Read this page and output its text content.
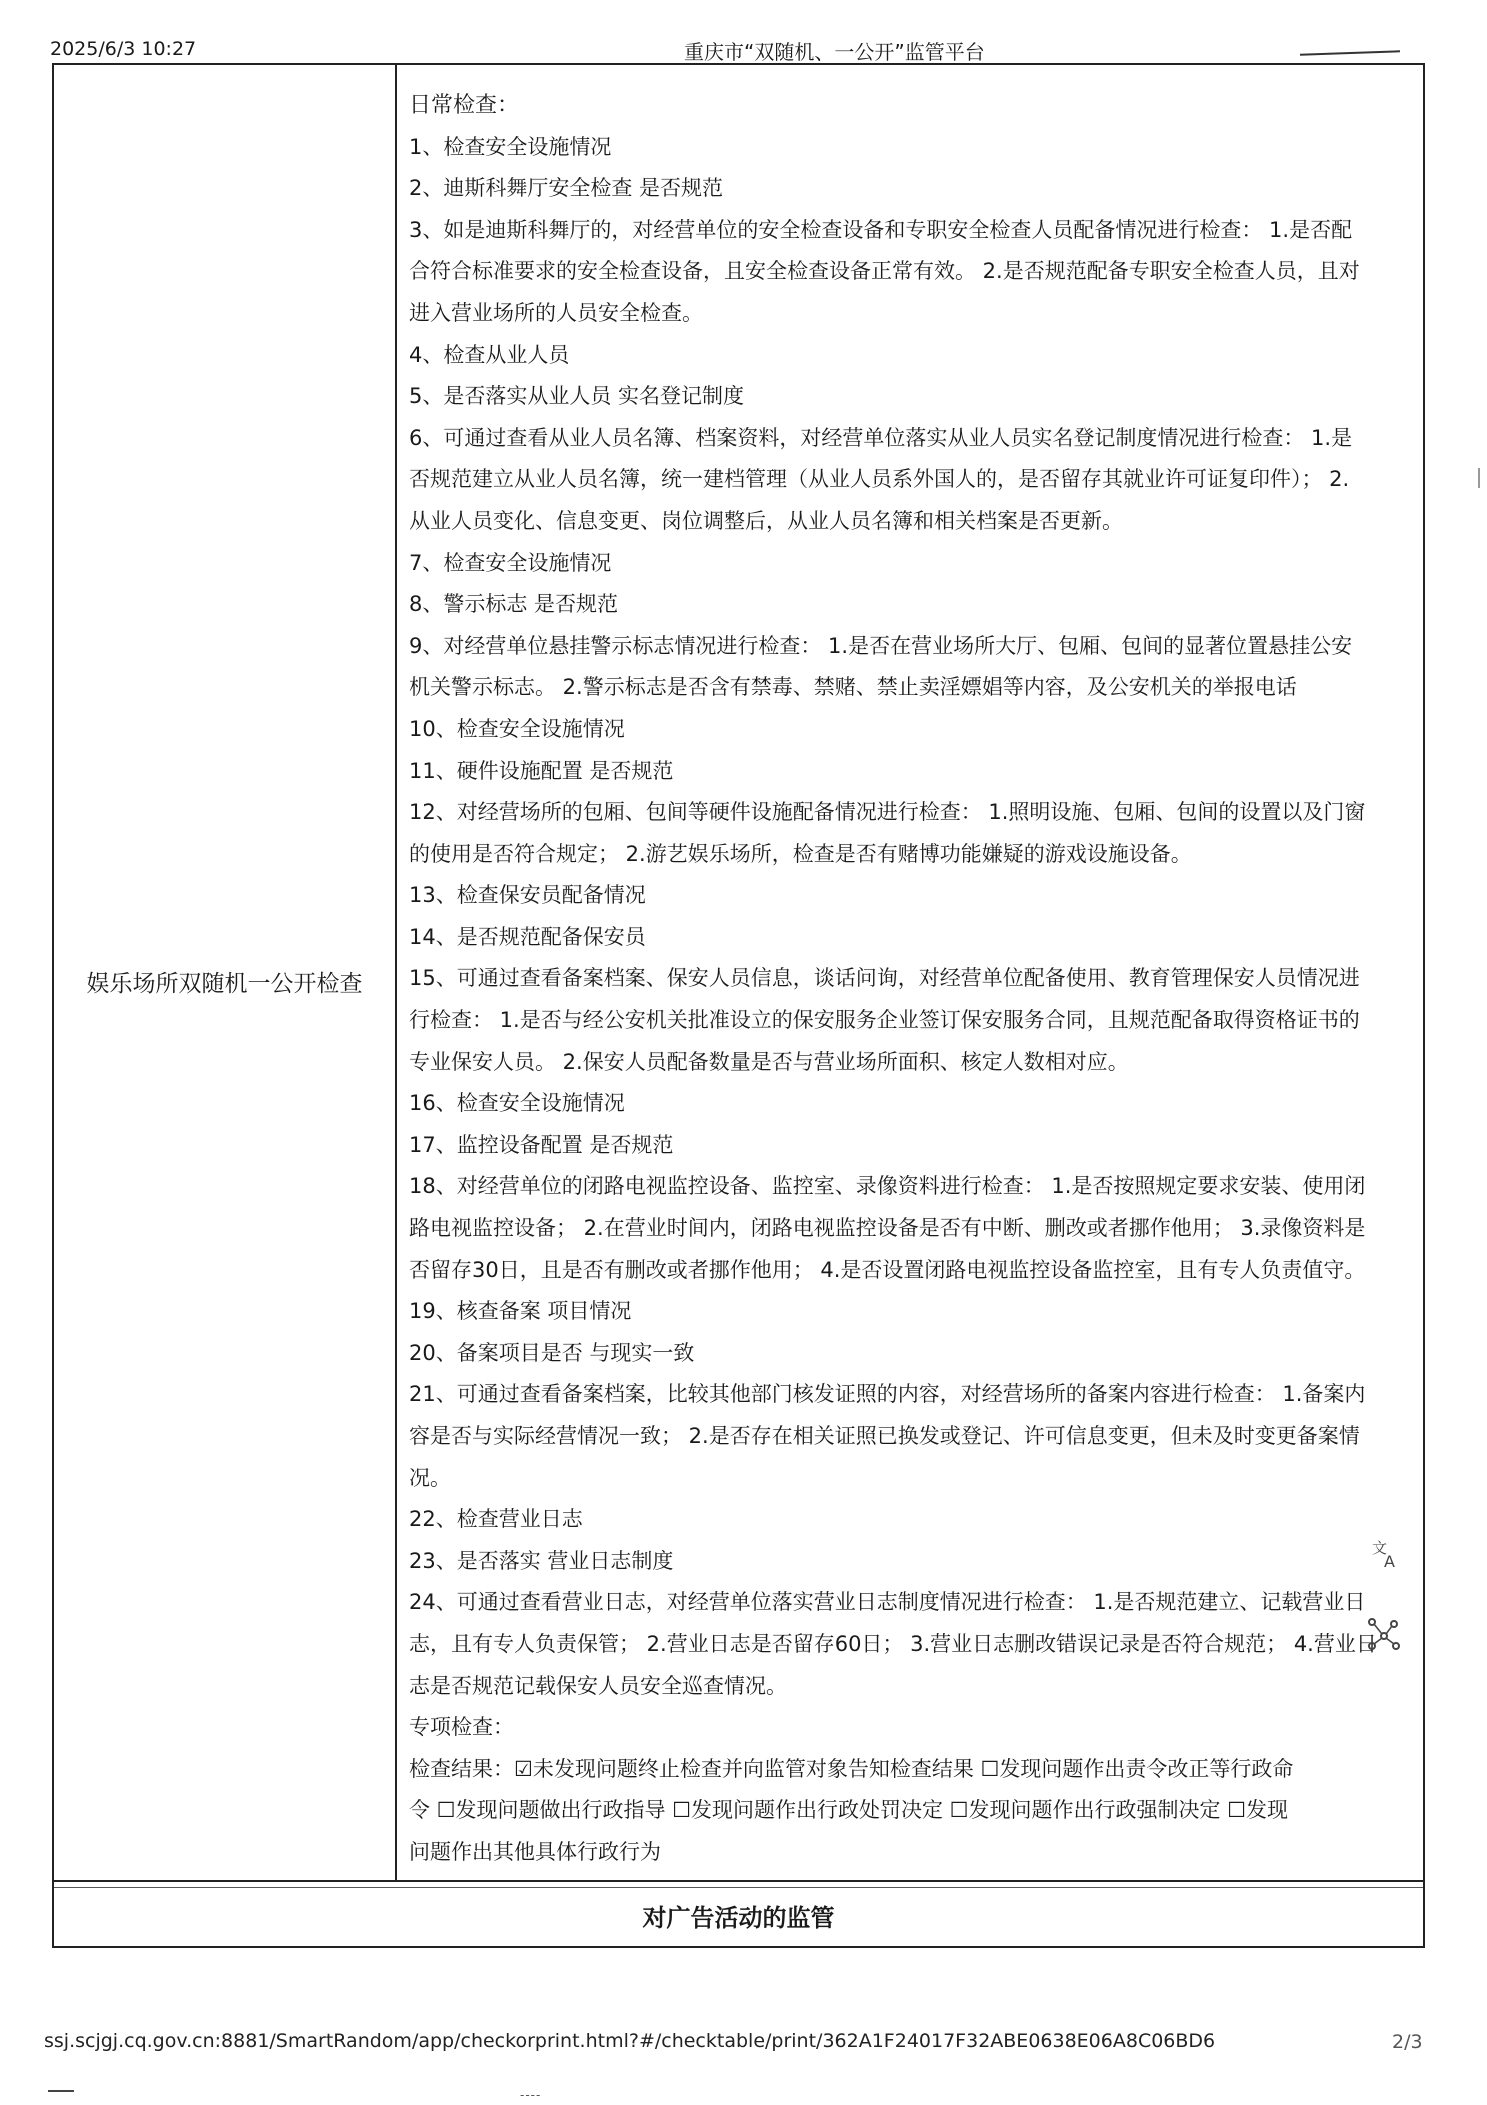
2025/6/3 10:27	重庆市“双随机、一公开”监管平台
娱乐场所双随机一公开检查
日常检查：
1、检查安全设施情况
2、迪斯科舞厅安全检查 是否规范
3、如是迪斯科舞厅的，对经营单位的安全检查设备和专职安全检查人员配备情况进行检查： 1.是否配
合符合标准要求的安全检查设备，且安全检查设备正常有效。 2.是否规范配备专职安全检查人员，且对
进入营业场所的人员安全检查。
4、检查从业人员
5、是否落实从业人员 实名登记制度
6、可通过查看从业人员名簿、档案资料，对经营单位落实从业人员实名登记制度情况进行检查： 1.是
否规范建立从业人员名簿，统一建档管理（从业人员系外国人的，是否留存其就业许可证复印件）； 2.
从业人员变化、信息变更、岗位调整后，从业人员名簿和相关档案是否更新。
7、检查安全设施情况
8、警示标志 是否规范
9、对经营单位悬挂警示标志情况进行检查： 1.是否在营业场所大厅、包厢、包间的显著位置悬挂公安
机关警示标志。 2.警示标志是否含有禁毒、禁赌、禁止卖淫嫖娼等内容，及公安机关的举报电话
10、检查安全设施情况
11、硬件设施配置 是否规范
12、对经营场所的包厢、包间等硬件设施配备情况进行检查： 1.照明设施、包厢、包间的设置以及门窗
的使用是否符合规定； 2.游艺娱乐场所，检查是否有赌博功能嫌疑的游戏设施设备。
13、检查保安员配备情况
14、是否规范配备保安员
15、可通过查看备案档案、保安人员信息，谈话问询，对经营单位配备使用、教育管理保安人员情况进
行检查： 1.是否与经公安机关批准设立的保安服务企业签订保安服务合同，且规范配备取得资格证书的
专业保安人员。 2.保安人员配备数量是否与营业场所面积、核定人数相对应。
16、检查安全设施情况
17、监控设备配置 是否规范
18、对经营单位的闭路电视监控设备、监控室、录像资料进行检查： 1.是否按照规定要求安装、使用闭
路电视监控设备； 2.在营业时间内，闭路电视监控设备是否有中断、删改或者挪作他用； 3.录像资料是
否留存30日，且是否有删改或者挪作他用； 4.是否设置闭路电视监控设备监控室，且有专人负责值守。
19、核查备案 项目情况
20、备案项目是否 与现实一致
21、可通过查看备案档案，比较其他部门核发证照的内容，对经营场所的备案内容进行检查： 1.备案内
容是否与实际经营情况一致； 2.是否存在相关证照已换发或登记、许可信息变更，但未及时变更备案情
况。
22、检查营业日志
23、是否落实 营业日志制度
24、可通过查看营业日志，对经营单位落实营业日志制度情况进行检查： 1.是否规范建立、记载营业日
志，且有专人负责保管； 2.营业日志是否留存60日； 3.营业日志删改错误记录是否符合规范； 4.营业日
志是否规范记载保安人员安全巡查情况。
专项检查：
检查结果：☑未发现问题终止检查并向监管对象告知检查结果 ☐发现问题作出责令改正等行政命
令 ☐发现问题做出行政指导 ☐发现问题作出行政处罚决定 ☐发现问题作出行政强制决定 ☐发现
问题作出其他具体行政行为
对广告活动的监管
文
A
ssj.scjgj.cq.gov.cn:8881/SmartRandom/app/checkorprint.html?#/checktable/print/362A1F24017F32ABE0638E06A8C06BD6	2/3
----
